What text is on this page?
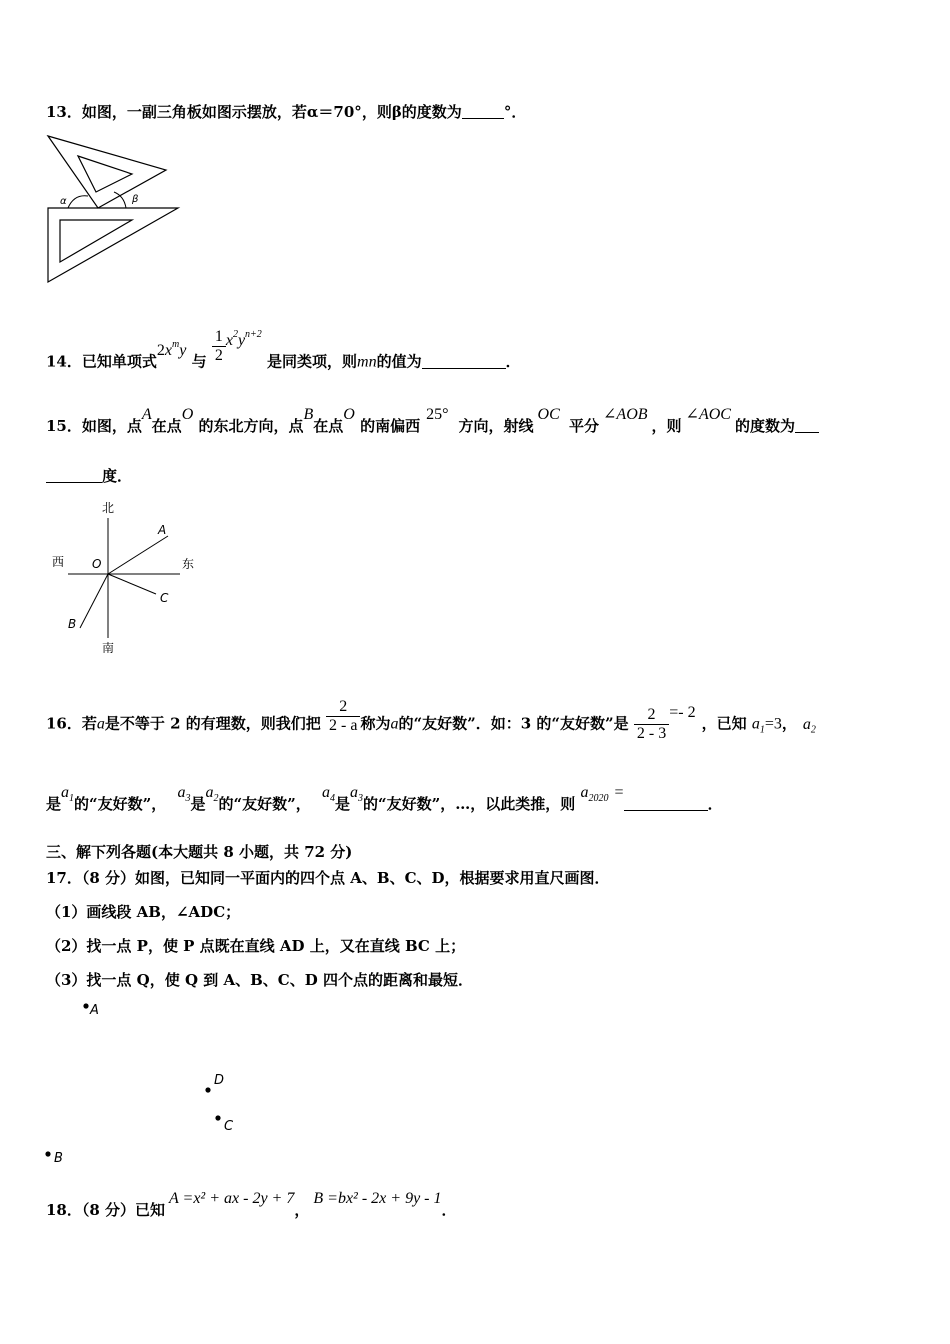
13．如图，一副三角板如图示摆放，若α＝70°，则β的度数为	°．
α	β
14．已知单项式$2x^my$ 与 $\frac{1}{2} x^2y^{n+2}$ 是同类项，则mn的值为	．
15．如图，点A在点O 的东北方向，点B在点O 的南偏西25°方向，射线OC 平分∠AOB，则∠AOC的度数为
度．
北
南
西	东
O
A
B
C
16．若a是不等于 2 的有理数，则我们把 $\frac{2}{2 - a}$ 称为a的“友好数”．如：3 的“友好数”是 $\frac{2}{2 - 3} =- 2$，已知 $a_1=3$， $a_2$
是$a_1$的“友好数”， $a_3$是$a_2$的“友好数”， $a_4$是$a_3$的“友好数”，…，以此类推，则 $a_{2020}$ =．
三、解下列各题(本大题共 8 小题，共 72 分)
17．（8 分）如图，已知同一平面内的四个点 A、B、C、D，根据要求用直尺画图．
（1）画线段 AB，∠ADC；
（2）找一点 P，使 P 点既在直线 AD 上，又在直线 BC 上；
（3）找一点 Q，使 Q 到 A、B、C、D 四个点的距离和最短．
A
D
C
B
18．（8 分）已知A =x² + ax - 2y + 7，B =bx² - 2x + 9y - 1．
